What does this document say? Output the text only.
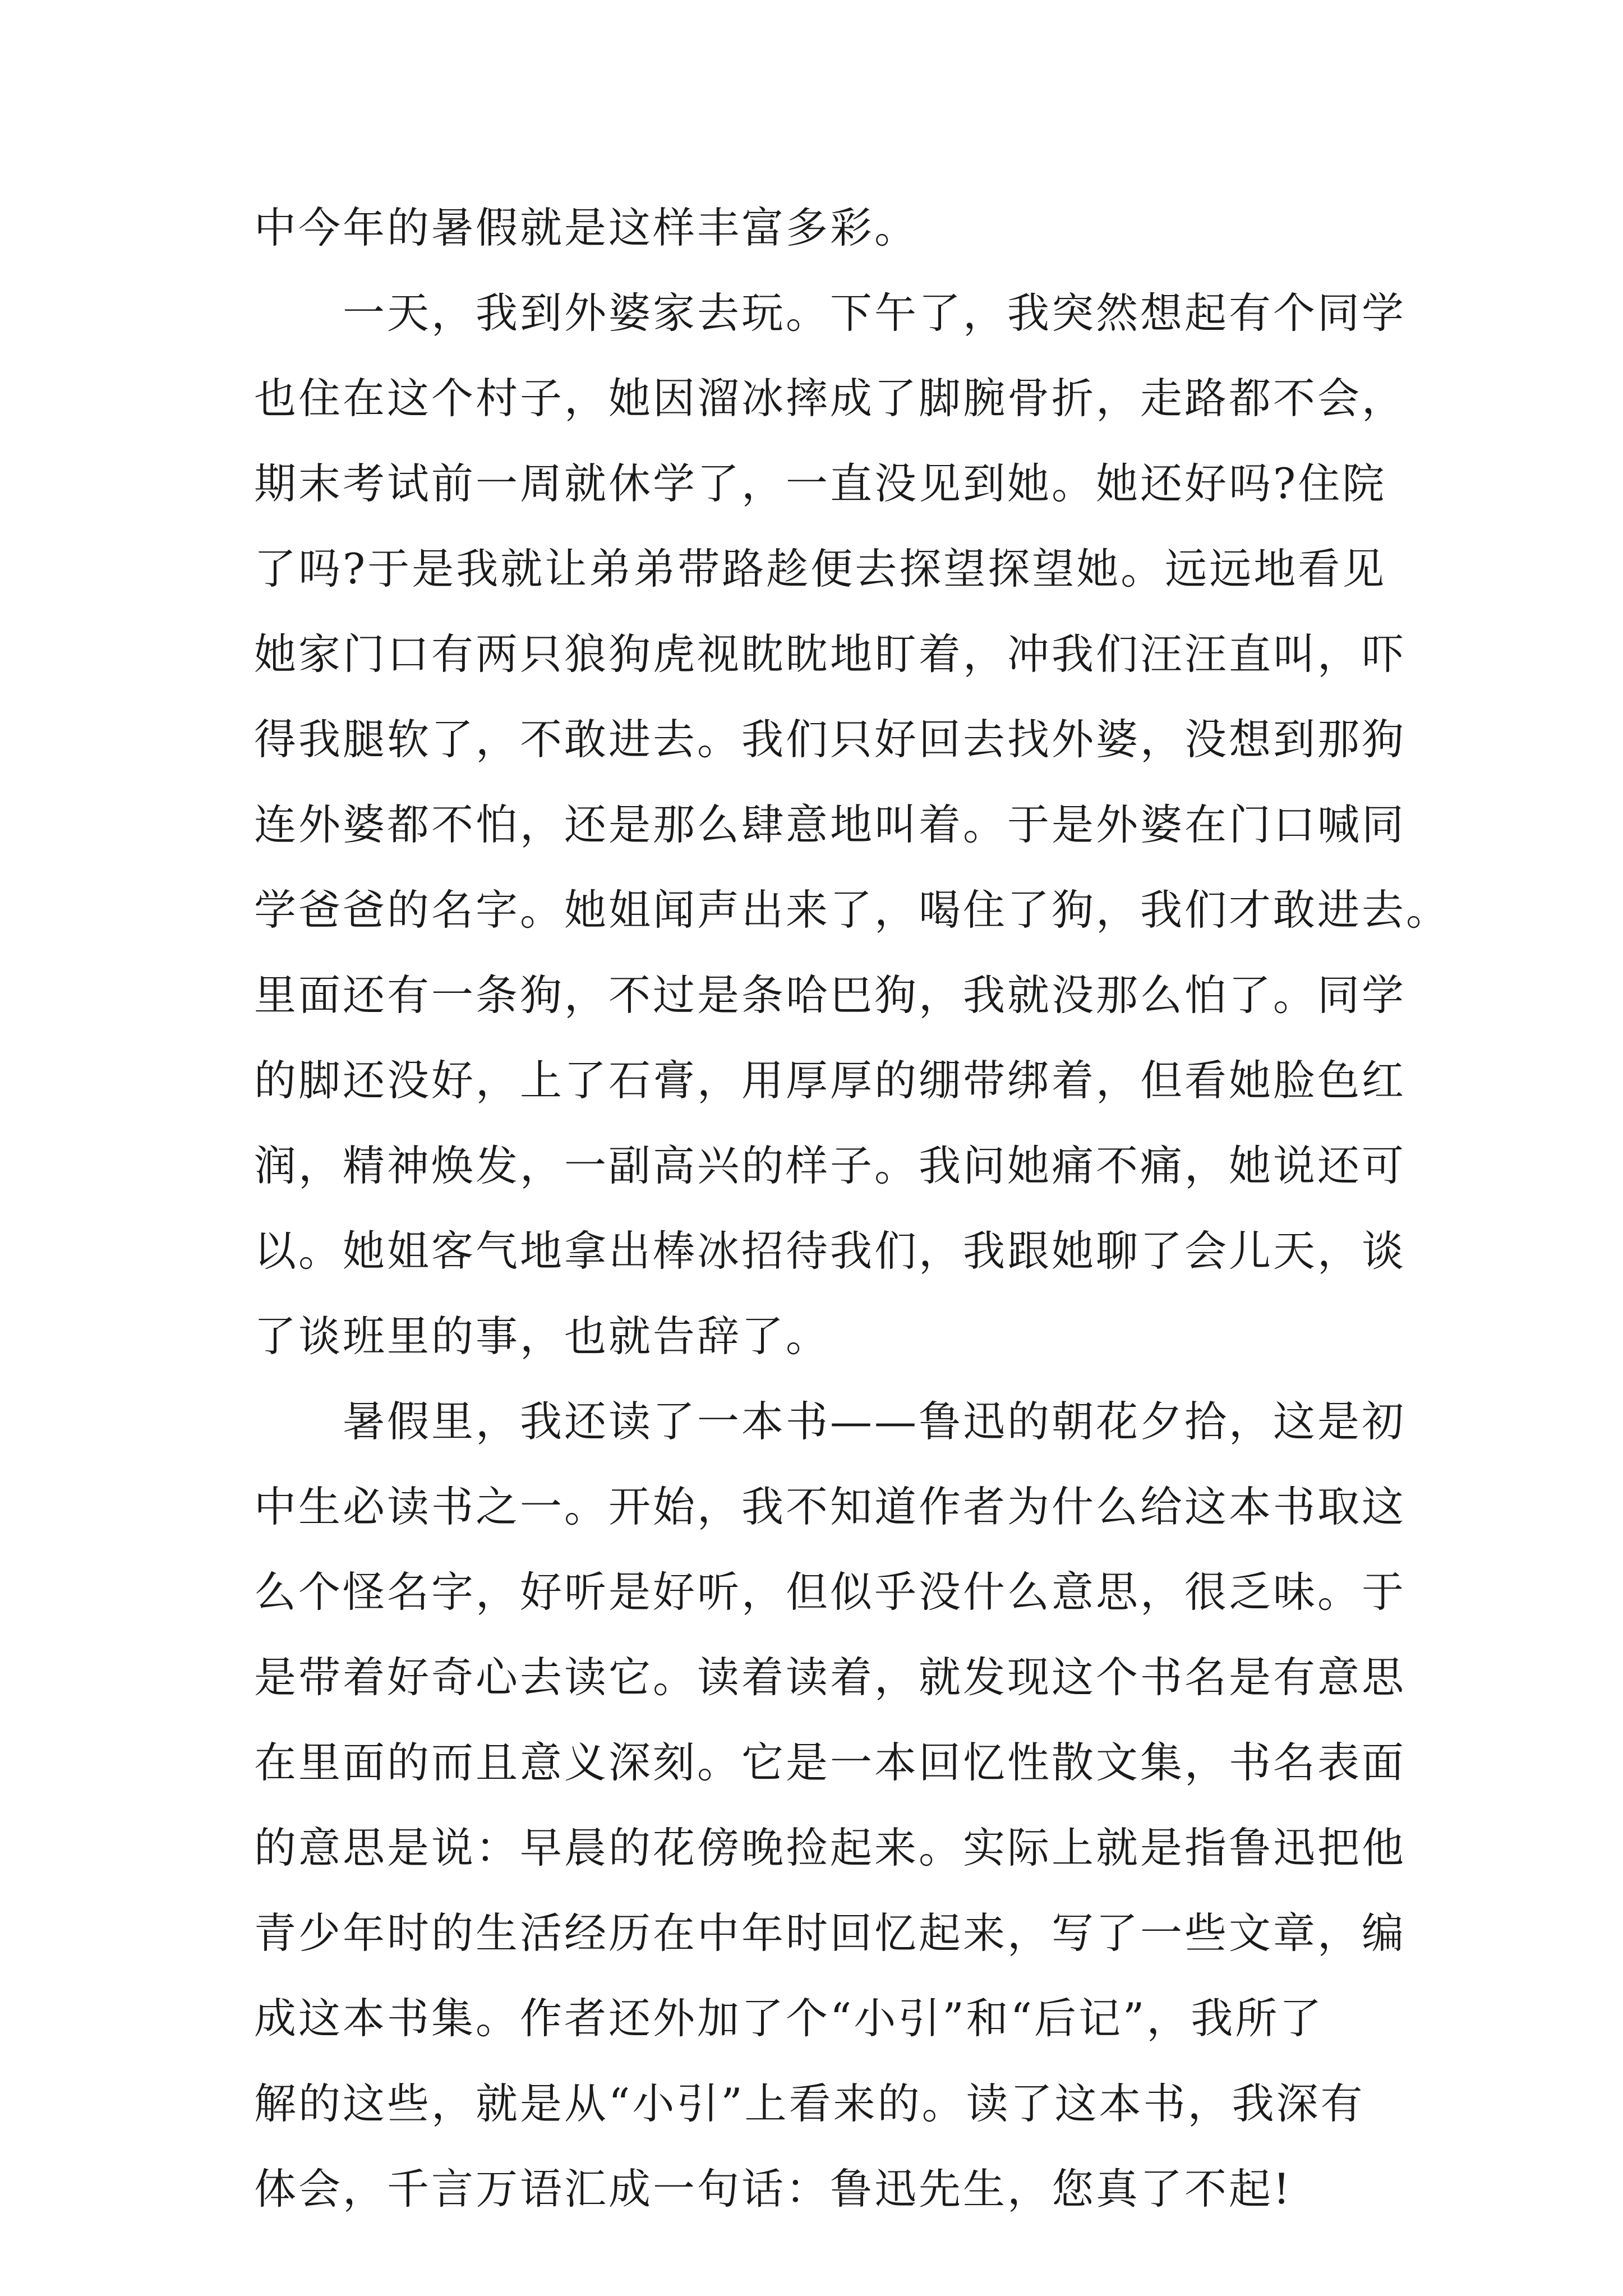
中今年的暑假就是这样丰富多彩。
　　一天，我到外婆家去玩。下午了，我突然想起有个同学
也住在这个村子，她因溜冰摔成了脚腕骨折，走路都不会，
期末考试前一周就休学了，一直没见到她。她还好吗?住院
了吗?于是我就让弟弟带路趁便去探望探望她。远远地看见
她家门口有两只狼狗虎视眈眈地盯着，冲我们汪汪直叫，吓
得我腿软了，不敢进去。我们只好回去找外婆，没想到那狗
连外婆都不怕，还是那么肆意地叫着。于是外婆在门口喊同
学爸爸的名字。她姐闻声出来了，喝住了狗，我们才敢进去。
里面还有一条狗，不过是条哈巴狗，我就没那么怕了。同学
的脚还没好，上了石膏，用厚厚的绷带绑着，但看她脸色红
润，精神焕发，一副高兴的样子。我问她痛不痛，她说还可
以。她姐客气地拿出棒冰招待我们，我跟她聊了会儿天，谈
了谈班里的事，也就告辞了。
　　暑假里，我还读了一本书——鲁迅的朝花夕拾，这是初
中生必读书之一。开始，我不知道作者为什么给这本书取这
么个怪名字，好听是好听，但似乎没什么意思，很乏味。于
是带着好奇心去读它。读着读着，就发现这个书名是有意思
在里面的而且意义深刻。它是一本回忆性散文集，书名表面
的意思是说：早晨的花傍晚捡起来。实际上就是指鲁迅把他
青少年时的生活经历在中年时回忆起来，写了一些文章，编
成这本书集。作者还外加了个“小引”和“后记”，我所了
解的这些，就是从“小引”上看来的。读了这本书，我深有
体会，千言万语汇成一句话：鲁迅先生，您真了不起!
